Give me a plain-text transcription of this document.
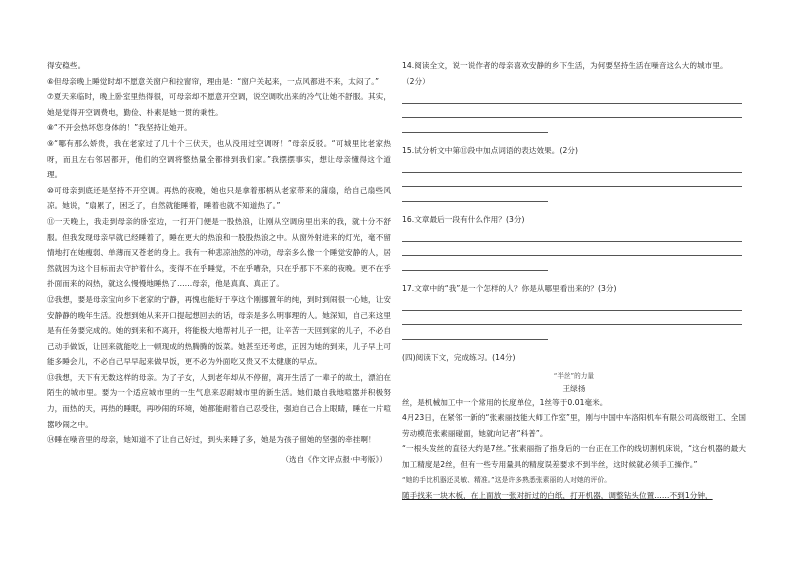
得安稳些。

⑥但母亲晚上睡觉时却不愿意关窗户和拉窗帘，理由是：“窗户关起来，一点风都进不来，太闷了。”

⑦夏天来临时，晚上卧室里热得很，可母亲却不愿意开空调，说空调吹出来的冷气让她不舒服。其实，她是觉得开空调费电，勤俭、朴素是她一贯的秉性。

⑧“不开会热坏您身体的！”我坚持让她开。

⑨“哪有那么娇贵，我在老家过了几十个三伏天，也从没用过空调呀！”母亲反驳。“可城里比老家热呀，而且左右邻居都开，他们的空调将整热量全都排到我们家。”我摆摆事实，想让母亲懂得这个道理。

⑩可母亲到底还是坚持不开空调。再热的夜晚，她也只是拿着那柄从老家带来的蒲扇，给自己扇些风凉。她说，“扇累了，困乏了，自然就能睡着，睡着也就不知道热了。”

⑪一天晚上，我走到母亲的卧室边，一打开门便是一股热浪，让刚从空调房里出来的我，就十分不舒服。但我发现母亲早就已经睡着了，睡在更大的热浪和一股股热浪之中。从窗外射进来的灯光，毫不留情地打在她瘦弱、单薄而又苍老的身上。我有一种悲凉油然的冲动，母亲多么像一个睡觉安静的人，居然就因为这个目标而去守护着什么，变得不在乎睡觉，不在乎嘈杂，只在乎那下不来的夜晚。更不在乎扑面而来的闷热，就这么慢慢地睡热了……母亲，他是真真、真正了。

⑫我想，要是母亲宝向乡下老家的宁静，再愧也能好于享这个刚挪置年的纯，到时到闹很一心她，让安安静静的晚年生活。没想到她从来开口提起想回去的话，母亲是多么明事理的人。她深知，自己来这里是有任务要完成的。她的到来和不离开，将能极大地帮衬儿子一把，让辛苦一天回到家的儿子，不必自己动手做饭，让回来就能吃上一顿现成的热腾腾的饭菜。她甚至还考虑，正因为她的到来，儿子早上可能多睡会儿，不必自己早早起来做早饭，更不必为外面吃又贵又不太健康的早点。

⑬我想，天下有无数这样的母亲。为了子女，人到老年却从不停留，离开生活了一辈子的故土，漂泊在陌生的城市里。要为一个适应城市里的一生气息来忍耐城市里的新生活。她们最自我地喧嚣并积极努力，而热的天，再热的睡眠，再吵闹的环境，她都能耐着自己忍受住，强迫自己合上眼睛，睡在一片喧嚣吵闹之中。

⑭睡在噪音里的母亲，她知道不了让自己好过，到头来睡了多，她是为孩子留她的坚强的牵挂啊！

（选自《作文评点报·中考版》）

14.阅读全文，说一说作者的母亲喜欢安静的乡下生活，为何要坚持生活在噪音这么大的城市里。

（2分）

15.试分析文中第⑪段中加点词语的表达效果。(2分)

16.文章最后一段有什么作用？(3分)

17.文章中的“我”是一个怎样的人？你是从哪里看出来的？(3分)

(四)阅读下文，完成练习。(14分)

“半丝”的力量
王绿扬

丝，是机械加工中一个常用的长度单位，1丝等于0.01毫米。

4月23日，在紧邻一新的“张素丽技能大师工作室”里，刚与中国中车洛阳机车有限公司高级钳工、全国劳动模范张素丽碰面，她就向记者“科普”。

“一根头发丝的直径大约是7丝。”张素丽指了指身后的一台正在工作的线切割机床说，“这台机器的最大加工精度是2丝，但有一些专用量具的精度误差要求不到半丝，这时候就必须手工操作。”

“她的手比机器还灵敏、精准。”这是许多熟悉张素丽的人对她的评价。

随手找来一块木板，在上面放一张对折过的白纸，打开机器，调整钻头位置……不到1分钟，
